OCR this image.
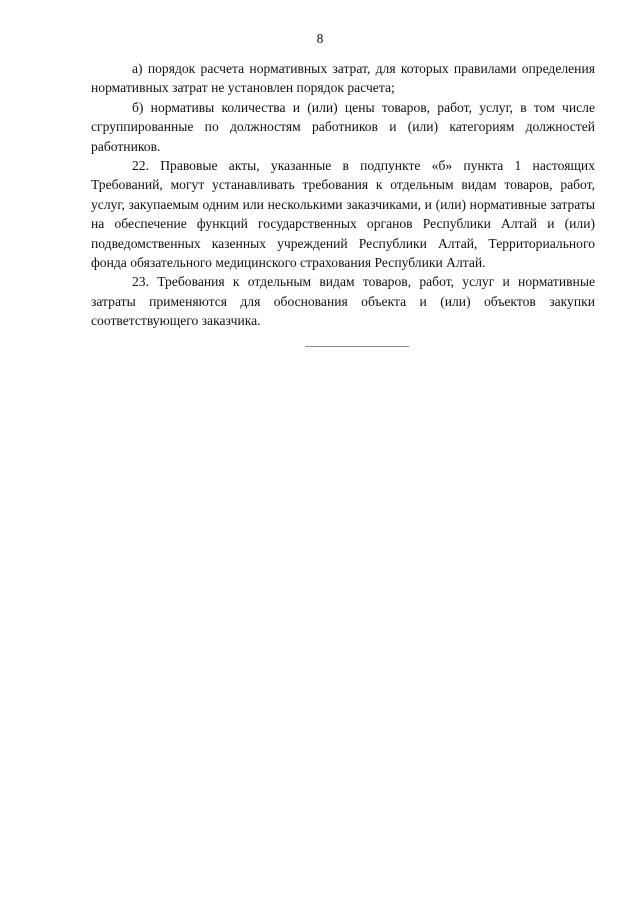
8

а) порядок расчета нормативных затрат, для которых правилами определения нормативных затрат не установлен порядок расчета;

б) нормативы количества и (или) цены товаров, работ, услуг, в том числе сгруппированные по должностям работников и (или) категориям должностей работников.

22. Правовые акты, указанные в подпункте «б» пункта 1 настоящих Требований, могут устанавливать требования к отдельным видам товаров, работ, услуг, закупаемым одним или несколькими заказчиками, и (или) нормативные затраты на обеспечение функций государственных органов Республики Алтай и (или) подведомственных казенных учреждений Республики Алтай, Территориального фонда обязательного медицинского страхования Республики Алтай.

23. Требования к отдельным видам товаров, работ, услуг и нормативные затраты применяются для обоснования объекта и (или) объектов закупки соответствующего заказчика.
